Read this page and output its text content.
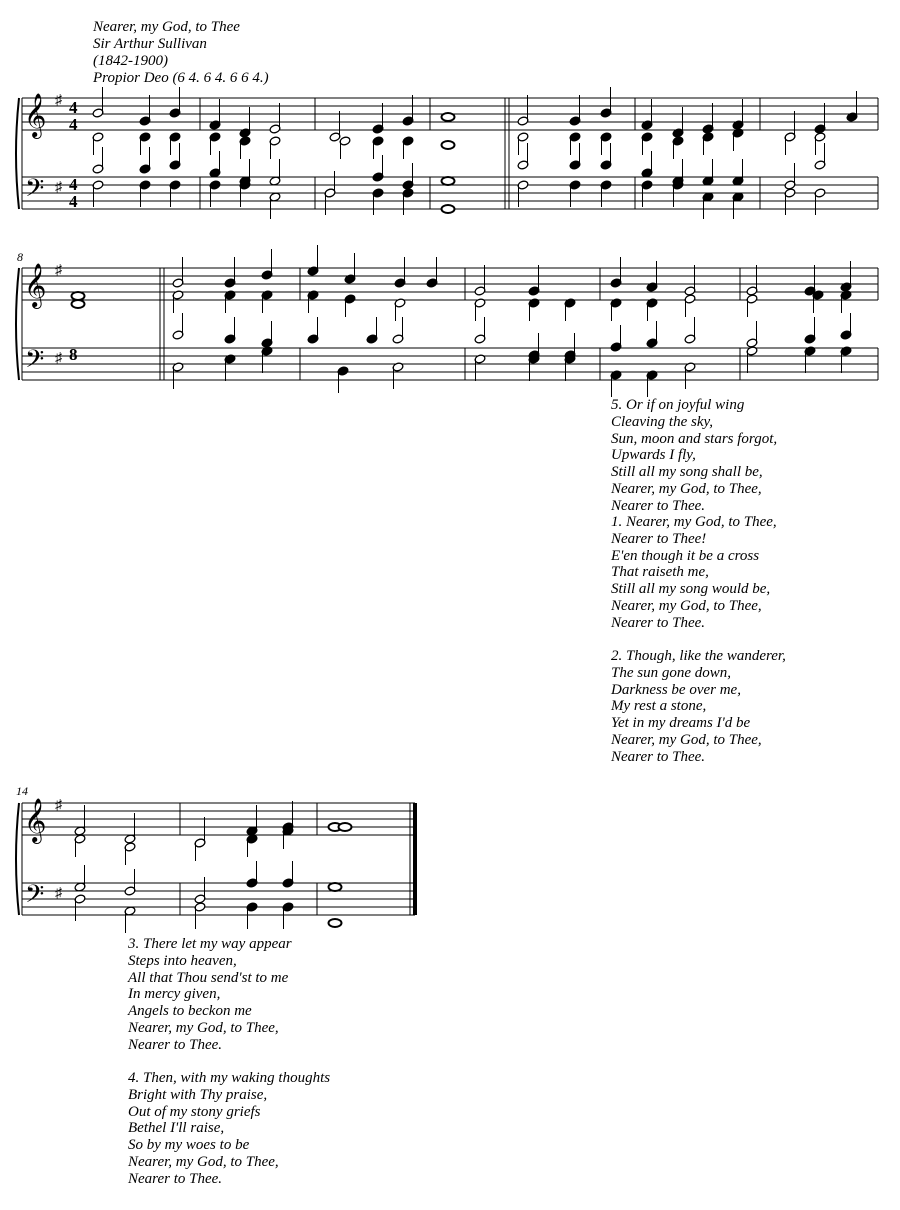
Nearer, my God, to Thee
Sir Arthur Sullivan
(1842-1900)
Propior Deo (6 4. 6 4. 6 6 4.)
𝄞
𝄢
♯
♯
𝄞
𝄢
♯
♯ 8
𝄞
𝄢
♯
♯
8
14
4
4
4
4
5. Or if on joyful wing
Cleaving the sky,
Sun, moon and stars forgot,
Upwards I fly,
Still all my song shall be,
Nearer, my God, to Thee,
Nearer to Thee.
1. Nearer, my God, to Thee,
Nearer to Thee!
E'en though it be a cross
That raiseth me,
Still all my song would be,
Nearer, my God, to Thee,
Nearer to Thee.
2. Though, like the wanderer,
The sun gone down,
Darkness be over me,
My rest a stone,
Yet in my dreams I'd be
Nearer, my God, to Thee,
Nearer to Thee.
3. There let my way appear
Steps into heaven,
All that Thou send'st to me
In mercy given,
Angels to beckon me
Nearer, my God, to Thee,
Nearer to Thee.
4. Then, with my waking thoughts
Bright with Thy praise,
Out of my stony griefs
Bethel I'll raise,
So by my woes to be
Nearer, my God, to Thee,
Nearer to Thee.
